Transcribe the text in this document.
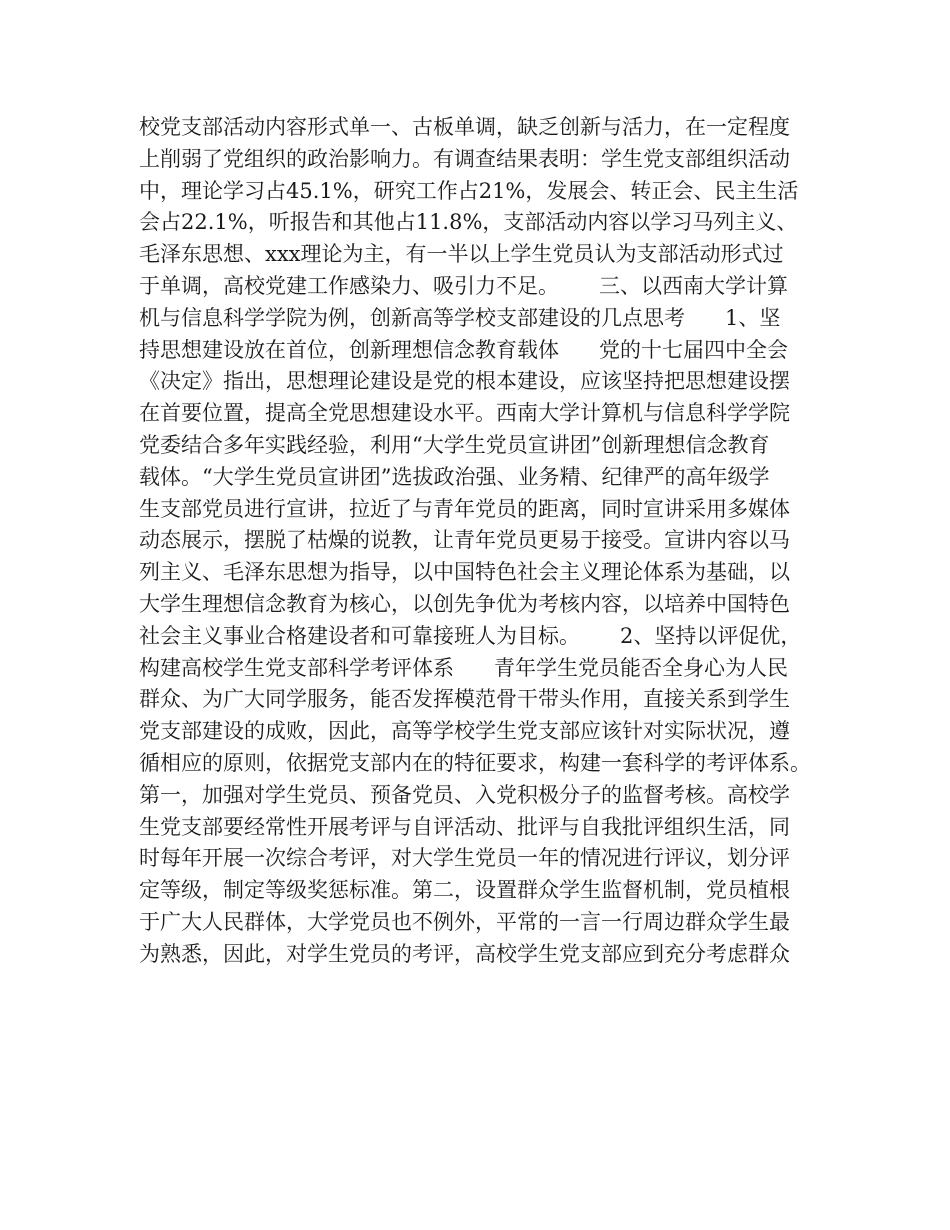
校党支部活动内容形式单一、古板单调，缺乏创新与活力，在一定程度
上削弱了党组织的政治影响力。有调查结果表明：学生党支部组织活动
中，理论学习占45.1%，研究工作占21%，发展会、转正会、民主生活
会占22.1%，听报告和其他占11.8%，支部活动内容以学习马列主义、
毛泽东思想、xxx理论为主，有一半以上学生党员认为支部活动形式过
于单调，高校党建工作感染力、吸引力不足。      三、以西南大学计算
机与信息科学学院为例，创新高等学校支部建设的几点思考      1、坚
持思想建设放在首位，创新理想信念教育载体      党的十七届四中全会
《决定》指出，思想理论建设是党的根本建设，应该坚持把思想建设摆
在首要位置，提高全党思想建设水平。西南大学计算机与信息科学学院
党委结合多年实践经验，利用“大学生党员宣讲团”创新理想信念教育
载体。“大学生党员宣讲团”选拔政治强、业务精、纪律严的高年级学
生支部党员进行宣讲，拉近了与青年党员的距离，同时宣讲采用多媒体
动态展示，摆脱了枯燥的说教，让青年党员更易于接受。宣讲内容以马
列主义、毛泽东思想为指导，以中国特色社会主义理论体系为基础，以
大学生理想信念教育为核心，以创先争优为考核内容，以培养中国特色
社会主义事业合格建设者和可靠接班人为目标。      2、坚持以评促优，
构建高校学生党支部科学考评体系      青年学生党员能否全身心为人民
群众、为广大同学服务，能否发挥模范骨干带头作用，直接关系到学生
党支部建设的成败，因此，高等学校学生党支部应该针对实际状况，遵
循相应的原则，依据党支部内在的特征要求，构建一套科学的考评体系。
第一，加强对学生党员、预备党员、入党积极分子的监督考核。高校学
生党支部要经常性开展考评与自评活动、批评与自我批评组织生活，同
时每年开展一次综合考评，对大学生党员一年的情况进行评议，划分评
定等级，制定等级奖惩标准。第二，设置群众学生监督机制，党员植根
于广大人民群体，大学党员也不例外，平常的一言一行周边群众学生最
为熟悉，因此，对学生党员的考评，高校学生党支部应到充分考虑群众
